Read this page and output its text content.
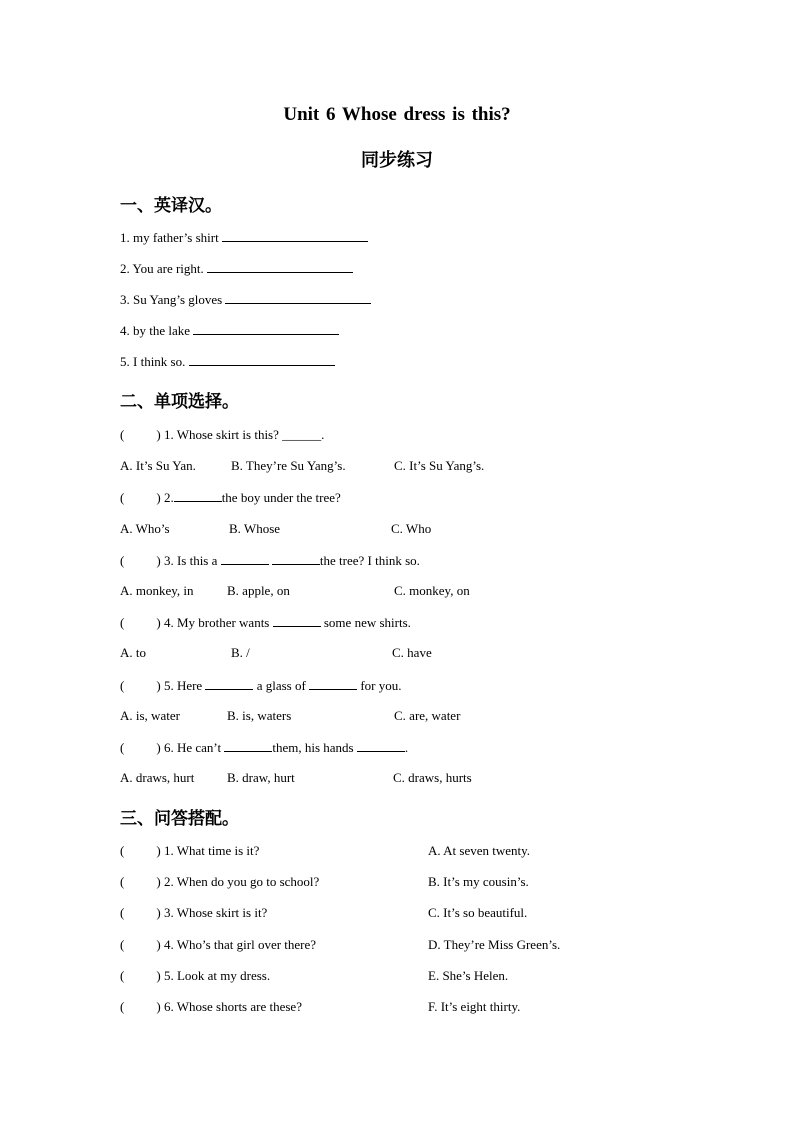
Unit 6 Whose dress is this?
同步练习
一、英译汉。
1. my father’s shirt
2. You are right.
3. Su Yang’s gloves
4. by the lake
5. I think so.
二、单项选择。
( ) 1. Whose skirt is this? ______.
A. It’s Su Yan.	B. They’re Su Yang’s.	C. It’s Su Yang’s.
( ) 2.	the boy under the tree?
A. Who’s	B. Whose	C. Who
( ) 3. Is this a	the tree? I think so.
A. monkey, in	B. apple, on	C. monkey, on
( ) 4. My brother wants	some new shirts.
A. to	B. /	C. have
( ) 5. Here	a glass of	for you.
A. is, water	B. is, waters	C. are, water
( ) 6. He can’t	them, his hands	.
A. draws, hurt	B. draw, hurt	C. draws, hurts
三、问答搭配。
( ) 1. What time is it?	A. At seven twenty.
( ) 2. When do you go to school?	B. It’s my cousin’s.
( ) 3. Whose skirt is it?	C. It’s so beautiful.
( ) 4. Who’s that girl over there?	D. They’re Miss Green’s.
( ) 5. Look at my dress.	E. She’s Helen.
( ) 6. Whose shorts are these?	F. It’s eight thirty.
